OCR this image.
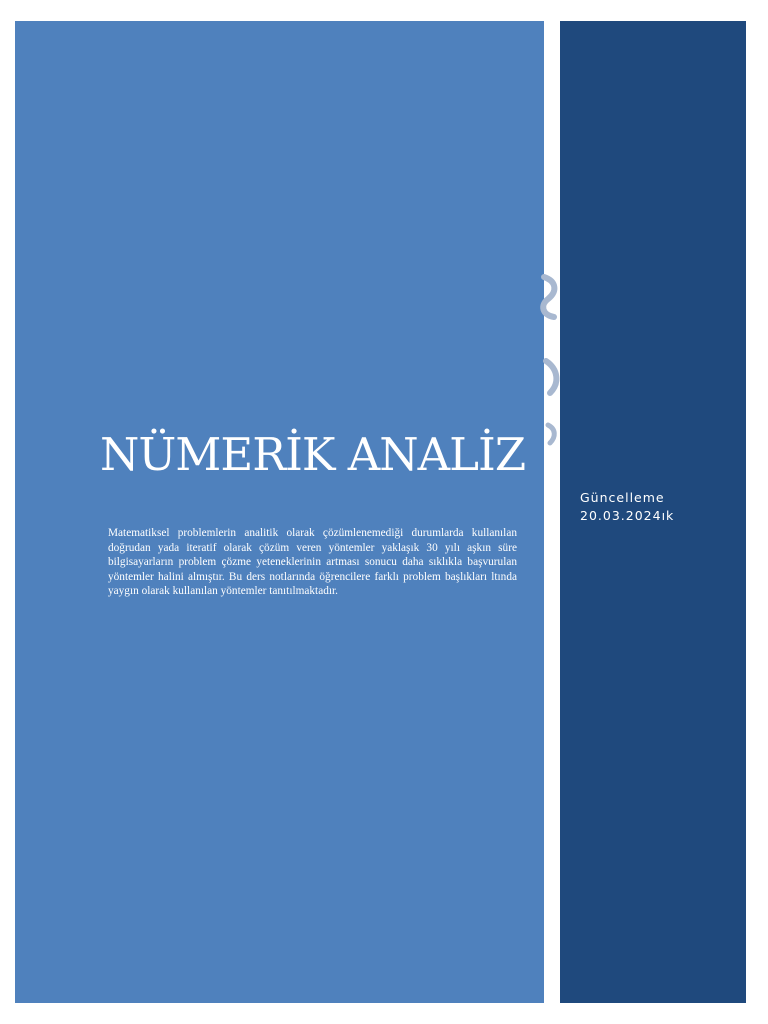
NÜMERİK ANALİZ

Matematiksel problemlerin analitik olarak çözümlenemediği durumlarda kullanılan doğrudan yada iteratif olarak çözüm veren yöntemler yaklaşık 30 yılı aşkın süre bilgisayarların problem çözme yeteneklerinin artması sonucu daha sıklıkla başvurulan yöntemler halini almıştır. Bu ders notlarında öğrencilere farklı problem başlıkları ltında yaygın olarak kullanılan yöntemler tanıtılmaktadır.

Güncelleme
20.03.2024ık
